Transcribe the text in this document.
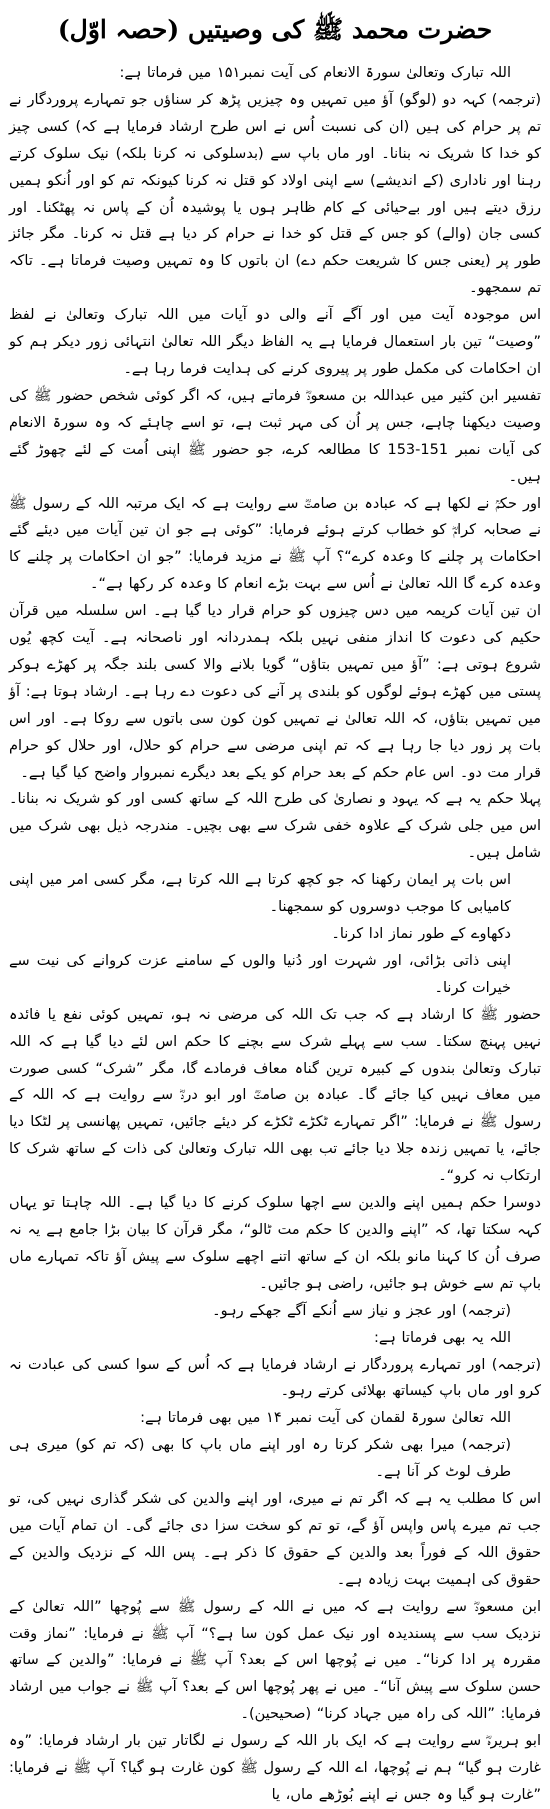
حضرت محمد ﷺ کی وصیتیں (حصہ اوّل)

اللہ تبارک وتعالیٰ سورۃ الانعام کی آیت نمبر۱۵۱ میں فرماتا ہے:

(ترجمہ) کہہ دو (لوگو) آؤ میں تمہیں وہ چیزیں پڑھ کر سناؤں جو تمہارے پروردگار نے تم پر حرام کی ہیں (ان کی نسبت اُس نے اس طرح ارشاد فرمایا ہے کہ) کسی چیز کو خدا کا شریک نہ بنانا۔ اور ماں باپ سے (بدسلوکی نہ کرنا بلکہ) نیک سلوک کرتے رہنا اور ناداری (کے اندیشے) سے اپنی اولاد کو قتل نہ کرنا کیونکہ تم کو اور اُنکو ہمیں رزق دیتے ہیں اور بےحیائی کے کام ظاہر ہوں یا پوشیدہ اُن کے پاس نہ پھٹکنا۔ اور کسی جان (والے) کو جس کے قتل کو خدا نے حرام کر دیا ہے قتل نہ کرنا۔ مگر جائز طور پر (یعنی جس کا شریعت حکم دے) ان باتوں کا وہ تمہیں وصیت فرماتا ہے۔ تاکہ تم سمجھو۔

اس موجودہ آیت میں اور آگے آنے والی دو آیات میں اللہ تبارک وتعالیٰ نے لفظ ”وصیت“ تین بار استعمال فرمایا ہے یہ الفاظ دیگر اللہ تعالیٰ انتہائی زور دیکر ہم کو ان احکامات کی مکمل طور پر پیروی کرنے کی ہدایت فرما رہا ہے۔

تفسیر ابن کثیر میں عبداللہ بن مسعودؓ فرماتے ہیں، کہ اگر کوئی شخص حضور ﷺ کی وصیت دیکھنا چاہے، جس پر اُن کی مہر ثبت ہے، تو اسے چاہئے کہ وہ سورۃ الانعام کی آیات نمبر 151-153 کا مطالعہ کرے، جو حضور ﷺ اپنی اُمت کے لئے چھوڑ گئے ہیں۔

اور حکمؒ نے لکھا ہے کہ عبادہ بن صامتؓ سے روایت ہے کہ ایک مرتبہ اللہ کے رسول ﷺ نے صحابہ کرامؓ کو خطاب کرتے ہوئے فرمایا: ”کوئی ہے جو ان تین آیات میں دیئے گئے احکامات پر چلنے کا وعدہ کرے“؟ آپ ﷺ نے مزید فرمایا: ”جو ان احکامات پر چلنے کا وعدہ کرے گا اللہ تعالیٰ نے اُس سے بہت بڑے انعام کا وعدہ کر رکھا ہے“۔

ان تین آیات کریمہ میں دس چیزوں کو حرام قرار دیا گیا ہے۔ اس سلسلہ میں قرآن حکیم کی دعوت کا انداز منفی نہیں بلکہ ہمدردانہ اور ناصحانہ ہے۔ آیت کچھ یُوں شروع ہوتی ہے: ”آؤ میں تمہیں بتاؤں“ گویا بلانے والا کسی بلند جگہ پر کھڑے ہوکر پستی میں کھڑے ہوئے لوگوں کو بلندی پر آنے کی دعوت دے رہا ہے۔ ارشاد ہوتا ہے: آؤ میں تمہیں بتاؤں، کہ اللہ تعالیٰ نے تمہیں کون کون سی باتوں سے روکا ہے۔ اور اس بات پر زور دیا جا رہا ہے کہ تم اپنی مرضی سے حرام کو حلال، اور حلال کو حرام قرار مت دو۔ اس عام حکم کے بعد حرام کو یکے بعد دیگرے نمبروار واضح کیا گیا ہے۔

پہلا حکم یہ ہے کہ یہود و نصاریٰ کی طرح اللہ کے ساتھ کسی اور کو شریک نہ بنانا۔ اس میں جلی شرک کے علاوہ خفی شرک سے بھی بچیں۔ مندرجہ ذیل بھی شرک میں شامل ہیں۔

اس بات پر ایمان رکھنا کہ جو کچھ کرتا ہے اللہ کرتا ہے، مگر کسی امر میں اپنی کامیابی کا موجب دوسروں کو سمجھنا۔

دکھاوے کے طور نماز ادا کرنا۔

اپنی ذاتی بڑائی، اور شہرت اور دُنیا والوں کے سامنے عزت کروانے کی نیت سے خیرات کرنا۔

حضور ﷺ کا ارشاد ہے کہ جب تک اللہ کی مرضی نہ ہو، تمہیں کوئی نفع یا فائدہ نہیں پہنچ سکتا۔ سب سے پہلے شرک سے بچنے کا حکم اس لئے دیا گیا ہے کہ اللہ تبارک وتعالیٰ بندوں کے کبیرہ ترین گناہ معاف فرمادے گا، مگر ”شرک“ کسی صورت میں معاف نہیں کیا جائے گا۔ عبادہ بن صامتؓ اور ابو دردؓ سے روایت ہے کہ اللہ کے رسول ﷺ نے فرمایا: ”اگر تمہارے ٹکڑے ٹکڑے کر دیئے جائیں، تمہیں پھانسی پر لٹکا دیا جائے، یا تمہیں زندہ جلا دیا جائے تب بھی اللہ تبارک وتعالیٰ کی ذات کے ساتھ شرک کا ارتکاب نہ کرو“۔

دوسرا حکم ہمیں اپنے والدین سے اچھا سلوک کرنے کا دیا گیا ہے۔ اللہ چاہتا تو یہاں کہہ سکتا تھا، کہ ”اپنے والدین کا حکم مت ٹالو“، مگر قرآن کا بیان بڑا جامع ہے یہ نہ صرف اُن کا کہنا مانو بلکہ ان کے ساتھ اتنے اچھے سلوک سے پیش آؤ تاکہ تمہارے ماں باپ تم سے خوش ہو جائیں، راضی ہو جائیں۔

(ترجمہ) اور عجز و نیاز سے اُنکے آگے جھکے رہو۔

اللہ یہ بھی فرماتا ہے:

(ترجمہ) اور تمہارے پروردگار نے ارشاد فرمایا ہے کہ اُس کے سوا کسی کی عبادت نہ کرو اور ماں باپ کیساتھ بھلائی کرتے رہو۔

اللہ تعالیٰ سورۃ لقمان کی آیت نمبر ۱۴ میں بھی فرماتا ہے:

(ترجمہ) میرا بھی شکر کرتا رہ اور اپنے ماں باپ کا بھی (کہ تم کو) میری ہی طرف لوٹ کر آنا ہے۔

اس کا مطلب یہ ہے کہ اگر تم نے میری، اور اپنے والدین کی شکر گذاری نہیں کی، تو جب تم میرے پاس واپس آؤ گے، تو تم کو سخت سزا دی جائے گی۔ ان تمام آیات میں حقوق اللہ کے فوراً بعد والدین کے حقوق کا ذکر ہے۔ پس اللہ کے نزدیک والدین کے حقوق کی اہمیت بہت زیادہ ہے۔

ابن مسعودؓ سے روایت ہے کہ میں نے اللہ کے رسول ﷺ سے پُوچھا ”اللہ تعالیٰ کے نزدیک سب سے پسندیدہ اور نیک عمل کون سا ہے؟“ آپ ﷺ نے فرمایا: ”نماز وقت مقررہ پر ادا کرنا“۔ میں نے پُوچھا اس کے بعد؟ آپ ﷺ نے فرمایا: ”والدین کے ساتھ حسن سلوک سے پیش آنا“۔ میں نے پھر پُوچھا اس کے بعد؟ آپ ﷺ نے جواب میں ارشاد فرمایا: ”اللہ کی راہ میں جہاد کرنا“ (صحیحین)۔

ابو ہریرہؓ سے روایت ہے کہ ایک بار اللہ کے رسول نے لگاتار تین بار ارشاد فرمایا: ”وہ غارت ہو گیا“ ہم نے پُوچھا، اے اللہ کے رسول ﷺ کون غارت ہو گیا؟ آپ ﷺ نے فرمایا: ”غارت ہو گیا وہ جس نے اپنے بُوڑھے ماں، یا
